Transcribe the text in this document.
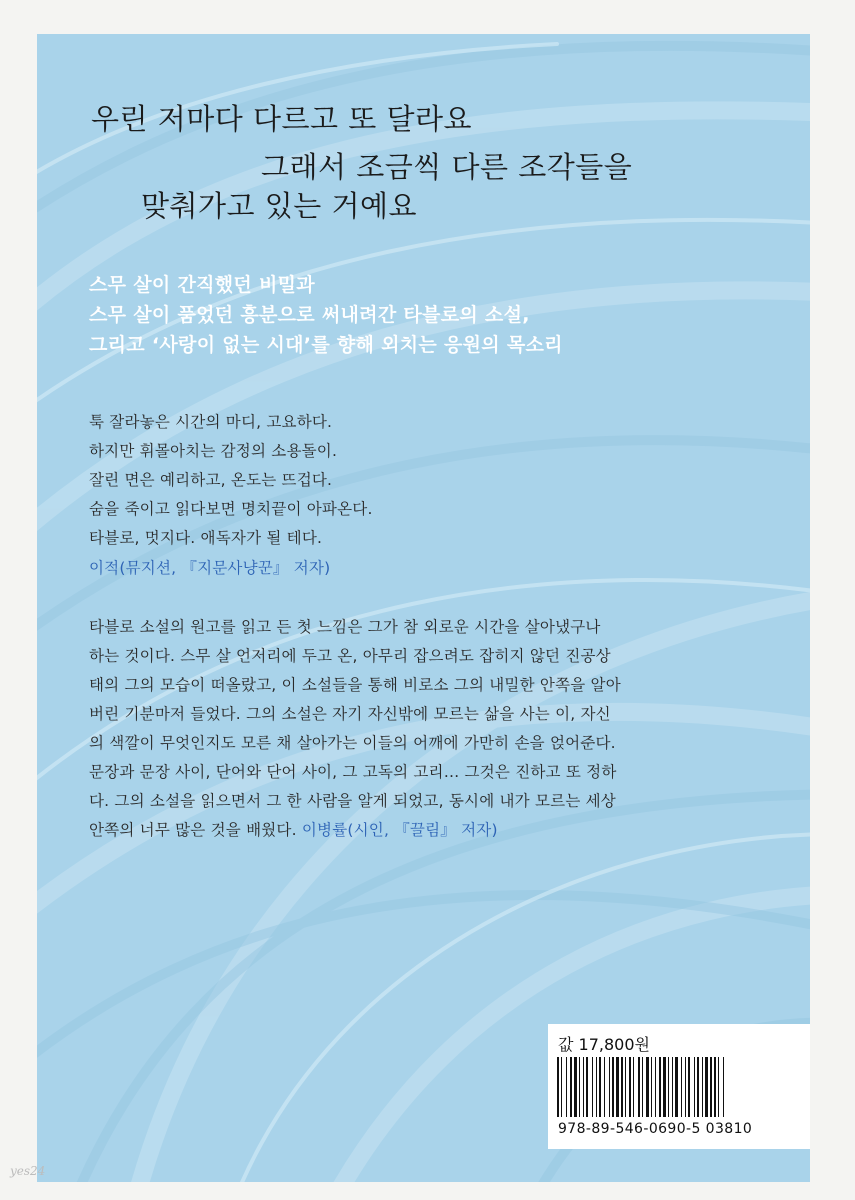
우린 저마다 다르고 또 달라요
그래서 조금씩 다른 조각들을
맞춰가고 있는 거예요
스무 살이 간직했던 비밀과
스무 살이 품었던 흥분으로 써내려간 타블로의 소설,
그리고 ‘사랑이 없는 시대’를 향해 외치는 응원의 목소리
툭 잘라놓은 시간의 마디, 고요하다.
하지만 휘몰아치는 감정의 소용돌이.
잘린 면은 예리하고, 온도는 뜨겁다.
숨을 죽이고 읽다보면 명치끝이 아파온다.
타블로, 멋지다. 애독자가 될 테다.
이적(뮤지션, 『지문사냥꾼』 저자)
타블로 소설의 원고를 읽고 든 첫 느낌은 그가 참 외로운 시간을 살아냈구나
하는 것이다. 스무 살 언저리에 두고 온, 아무리 잡으려도 잡히지 않던 진공상
태의 그의 모습이 떠올랐고, 이 소설들을 통해 비로소 그의 내밀한 안쪽을 알아
버린 기분마저 들었다. 그의 소설은 자기 자신밖에 모르는 삶을 사는 이, 자신
의 색깔이 무엇인지도 모른 채 살아가는 이들의 어깨에 가만히 손을 얹어준다.
문장과 문장 사이, 단어와 단어 사이, 그 고독의 고리… 그것은 진하고 또 정하
다. 그의 소설을 읽으면서 그 한 사람을 알게 되었고, 동시에 내가 모르는 세상
안쪽의 너무 많은 것을 배웠다. 이병률(시인, 『끌림』 저자)
값 17,800원
978-89-546-0690-5 03810
yes24
